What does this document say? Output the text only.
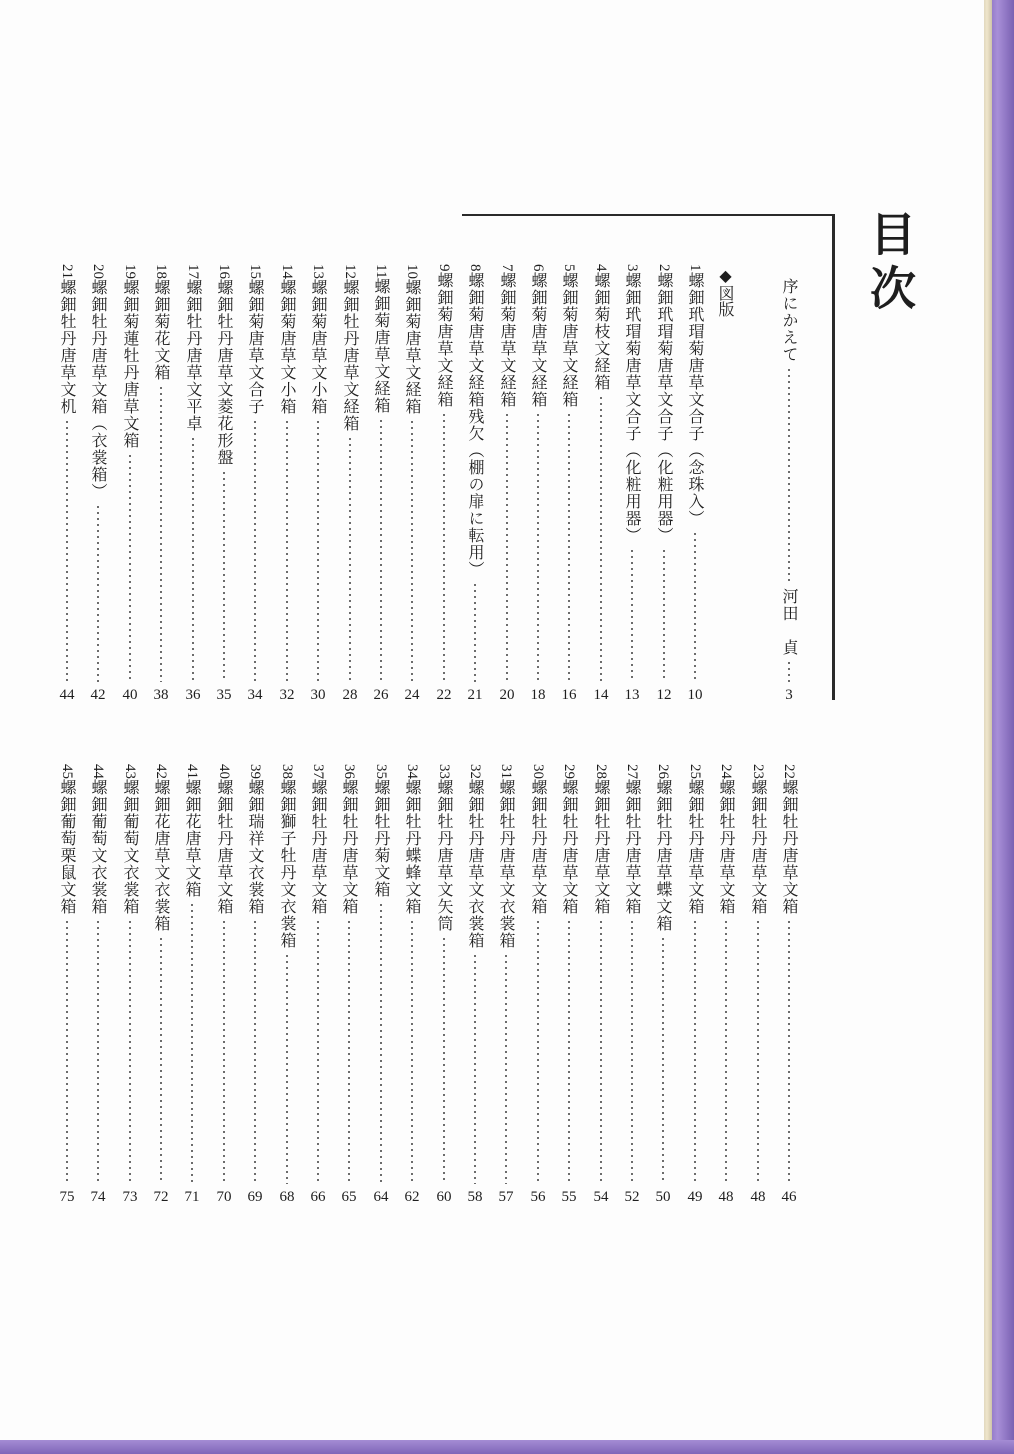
目次
序にかえて
河田　貞
3
◆図版
1
螺鈿玳瑁菊唐草文合子（念珠入）
10
2
螺鈿玳瑁菊唐草文合子（化粧用器）
12
3
螺鈿玳瑁菊唐草文合子（化粧用器）
13
4
螺鈿菊枝文経箱
14
5
螺鈿菊唐草文経箱
16
6
螺鈿菊唐草文経箱
18
7
螺鈿菊唐草文経箱
20
8
螺鈿菊唐草文経箱残欠（棚の扉に転用）
21
9
螺鈿菊唐草文経箱
22
10
螺鈿菊唐草文経箱
24
11
螺鈿菊唐草文経箱
26
12
螺鈿牡丹唐草文経箱
28
13
螺鈿菊唐草文小箱
30
14
螺鈿菊唐草文小箱
32
15
螺鈿菊唐草文合子
34
16
螺鈿牡丹唐草文菱花形盤
35
17
螺鈿牡丹唐草文平卓
36
18
螺鈿菊花文箱
38
19
螺鈿菊蓮牡丹唐草文箱
40
20
螺鈿牡丹唐草文箱（衣裳箱）
42
21
螺鈿牡丹唐草文机
44
22
螺鈿牡丹唐草文箱
46
23
螺鈿牡丹唐草文箱
48
24
螺鈿牡丹唐草文箱
48
25
螺鈿牡丹唐草文箱
49
26
螺鈿牡丹唐草蝶文箱
50
27
螺鈿牡丹唐草文箱
52
28
螺鈿牡丹唐草文箱
54
29
螺鈿牡丹唐草文箱
55
30
螺鈿牡丹唐草文箱
56
31
螺鈿牡丹唐草文衣裳箱
57
32
螺鈿牡丹唐草文衣裳箱
58
33
螺鈿牡丹唐草文矢筒
60
34
螺鈿牡丹蝶蜂文箱
62
35
螺鈿牡丹菊文箱
64
36
螺鈿牡丹唐草文箱
65
37
螺鈿牡丹唐草文箱
66
38
螺鈿獅子牡丹文衣裳箱
68
39
螺鈿瑞祥文衣裳箱
69
40
螺鈿牡丹唐草文箱
70
41
螺鈿花唐草文箱
71
42
螺鈿花唐草文衣裳箱
72
43
螺鈿葡萄文衣裳箱
73
44
螺鈿葡萄文衣裳箱
74
45
螺鈿葡萄栗鼠文箱
75
